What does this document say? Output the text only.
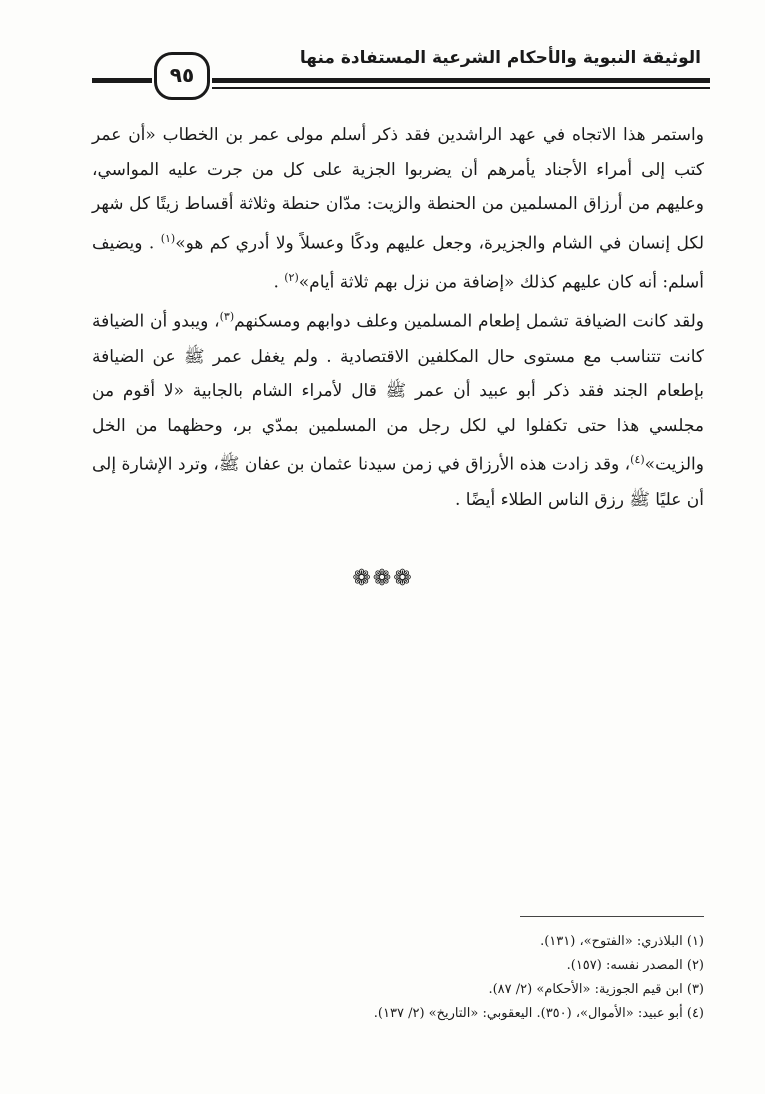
الوثيقة النبوية والأحكام الشرعية المستفادة منها
٩٥

واستمر هذا الاتجاه في عهد الراشدين فقد ذكر أسلم مولى عمر بن الخطاب «أن عمر كتب إلى أمراء الأجناد يأمرهم أن يضربوا الجزية على كل من جرت عليه المواسي، وعليهم من أرزاق المسلمين من الحنطة والزيت: مدّان حنطة وثلاثة أقساط زيتًا كل شهر لكل إنسان في الشام والجزيرة، وجعل عليهم ودكًا وعسلاً ولا أدري كم هو»$^{(١)}$ . ويضيف أسلم: أنه كان عليهم كذلك «إضافة من نزل بهم ثلاثة أيام»$^{(٢)}$ .

ولقد كانت الضيافة تشمل إطعام المسلمين وعلف دوابهم ومسكنهم$^{(٣)}$، ويبدو أن الضيافة كانت تتناسب مع مستوى حال المكلفين الاقتصادية . ولم يغفل عمر ﷺ عن الضيافة بإطعام الجند فقد ذكر أبو عبيد أن عمر ﷺ قال لأمراء الشام بالجابية «لا أقوم من مجلسي هذا حتى تكفلوا لي لكل رجل من المسلمين بمدّي بر، وحظهما من الخل والزيت»$^{(٤)}$، وقد زادت هذه الأرزاق في زمن سيدنا عثمان بن عفان ﷺ، وترد الإشارة إلى أن عليًا ﷺ رزق الناس الطلاء أيضًا .

❁ ❁ ❁
(١) البلاذري: «الفتوح»، (١٣١).
(٢) المصدر نفسه: (١٥٧).
(٣) ابن قيم الجوزية: «الأحكام» (٢/ ٨٧).
(٤) أبو عبيد: «الأموال»، (٣٥٠). اليعقوبي: «التاريخ» (٢/ ١٣٧).
